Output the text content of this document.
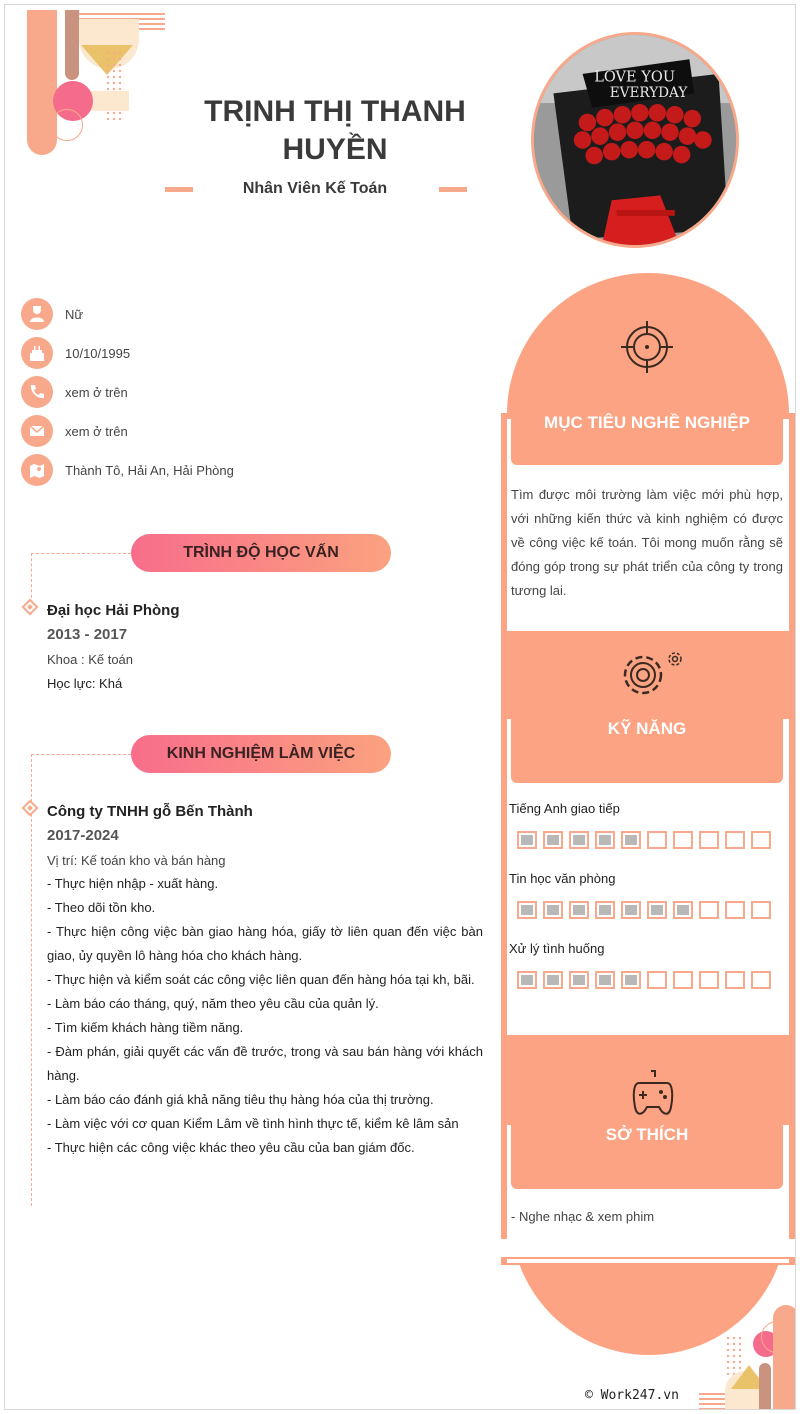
TRỊNH THỊ THANH HUYỀN
Nhân Viên Kế Toán
LOVE YOU
EVERYDAY
Nữ
10/10/1995
xem ở trên
xem ở trên
Thành Tô, Hải An, Hải Phòng
TRÌNH ĐỘ HỌC VẤN
Đại học Hải Phòng
2013 - 2017
Khoa : Kế toán
Học lực: Khá
KINH NGHIỆM LÀM VIỆC
Công ty TNHH gỗ Bến Thành
2017-2024
Vị trí: Kế toán kho và bán hàng
- Thực hiện nhập - xuất hàng.
- Theo dõi tồn kho.
- Thực hiện công việc bàn giao hàng hóa, giấy tờ liên quan đến việc bàn giao, ủy quyền lô hàng hóa cho khách hàng.
- Thực hiện và kiểm soát các công việc liên quan đến hàng hóa tại kh, bãi.
- Làm báo cáo tháng, quý, năm theo yêu cầu của quản lý.
- Tìm kiếm khách hàng tiềm năng.
- Đàm phán, giải quyết các vấn đề trước, trong và sau bán hàng với khách hàng.
- Làm báo cáo đánh giá khả năng tiêu thụ hàng hóa của thị trường.
- Làm việc với cơ quan Kiểm Lâm về tình hình thực tế, kiểm kê lâm sản
- Thực hiện các công việc khác theo yêu cầu của ban giám đốc.
MỤC TIÊU NGHỀ NGHIỆP
Tìm được môi trường làm việc mới phù hợp, với những kiến thức và kinh nghiệm có được về công việc kế toán. Tôi mong muốn rằng sẽ đóng góp trong sự phát triển của công ty trong tương lai.
KỸ NĂNG
Tiếng Anh giao tiếp
Tin học văn phòng
Xử lý tình huống
SỞ THÍCH
- Nghe nhạc & xem phim
© Work247.vn
